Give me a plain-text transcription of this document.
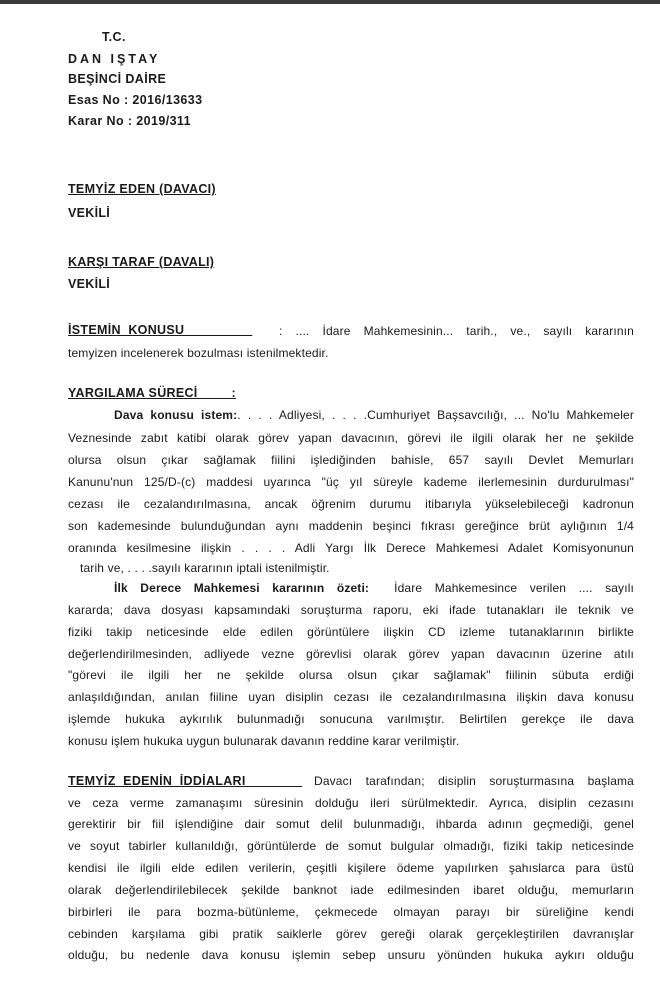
T.C.
DAN IŞTAY
BEŞİNCİ DAİRE
Esas No : 2016/13633
Karar No : 2019/311
TEMYİZ EDEN (DAVACI)
VEKİLİ
KARŞI TARAF (DAVALI)
VEKİLİ
İSTEMİN  KONUSU : .... İdare Mahkemesinin... tarih., ve., sayılı kararının
temyizen incelenerek bozulması istenilmektedir.
YARGILAMA SÜRECİ         :
Dava konusu istem:. . . . Adliyesi, . . . .Cumhuriyet Başsavcılığı, ... No'lu Mahkemeler
Veznesinde zabıt katibi olarak görev yapan davacının, görevi ile ilgili olarak her ne şekilde
olursa olsun çıkar sağlamak fiilini işlediğinden bahisle, 657 sayılı Devlet Memurları
Kanunu'nun 125/D-(c) maddesi uyarınca "üç yıl süreyle kademe ilerlemesinin durdurulması"
cezası ile cezalandırılmasına, ancak öğrenim durumu itibarıyla yükselebileceği kadronun
son kademesinde bulunduğundan aynı maddenin beşinci fıkrası gereğince brüt aylığının 1/4
oranında kesilmesine ilişkin . . . . Adli Yargı İlk Derece Mahkemesi Adalet Komisyonunun
tarih ve, . . . .sayılı kararının iptali istenilmiştir.
İlk Derece Mahkemesi kararının özeti: İdare Mahkemesince verilen .... sayılı
kararda; dava dosyası kapsamındaki soruşturma raporu, eki ifade tutanakları ile teknik ve
fiziki takip neticesinde elde edilen görüntülere ilişkin CD izleme tutanaklarının birlikte
değerlendirilmesinden, adliyede vezne görevlisi olarak görev yapan davacının üzerine atılı
"görevi ile ilgili her ne şekilde olursa olsun çıkar sağlamak" fiilinin sübuta erdiği
anlaşıldığından, anılan fiiline uyan disiplin cezası ile cezalandırılmasına ilişkin dava konusu
işlemde hukuka aykırılık bulunmadığı sonucuna varılmıştır. Belirtilen gerekçe ile dava
konusu işlem hukuka uygun bulunarak davanın reddine karar verilmiştir.
TEMYİZ  EDENİN  İDDİALARI Davacı tarafından; disiplin soruşturmasına başlama
ve ceza verme zamanaşımı süresinin dolduğu ileri sürülmektedir. Ayrıca, disiplin cezasını
gerektirir bir fiil işlendiğine dair somut delil bulunmadığı, ihbarda adının geçmediği, genel
ve soyut tabirler kullanıldığı, görüntülerde de somut bulgular olmadığı, fiziki takip neticesinde
kendisi ile ilgili elde edilen verilerin, çeşitli kişilere ödeme yapılırken şahıslarca para üstü
olarak değerlendirilebilecek şekilde banknot iade edilmesinden ibaret olduğu, memurların
birbirleri ile para bozma-bütünleme, çekmecede olmayan parayı bir süreliğine kendi
cebinden karşılama gibi pratik saiklerle görev gereği olarak gerçekleştirilen davranışlar
olduğu, bu nedenle dava konusu işlemin sebep unsuru yönünden hukuka aykırı olduğu
